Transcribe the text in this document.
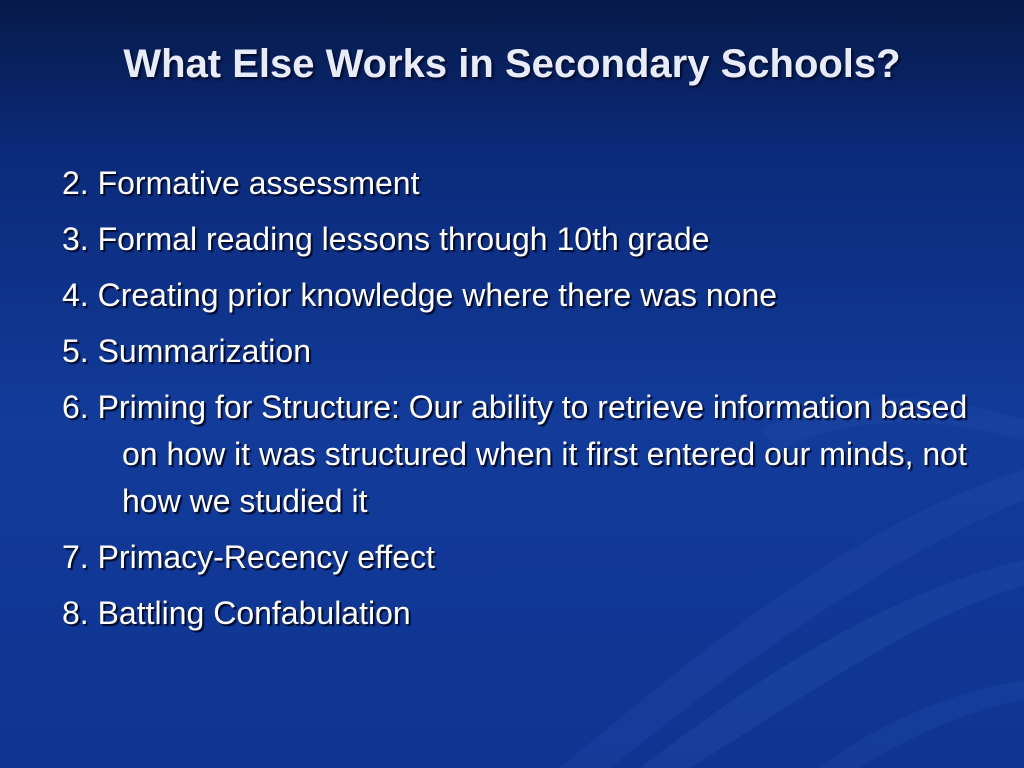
What Else Works in Secondary Schools?
2. Formative assessment
3. Formal reading lessons through 10th grade
4. Creating prior knowledge where there was none
5. Summarization
6. Priming for Structure: Our ability to retrieve information based on how it was structured when it first entered our minds, not how we studied it
7. Primacy-Recency effect
8. Battling Confabulation
